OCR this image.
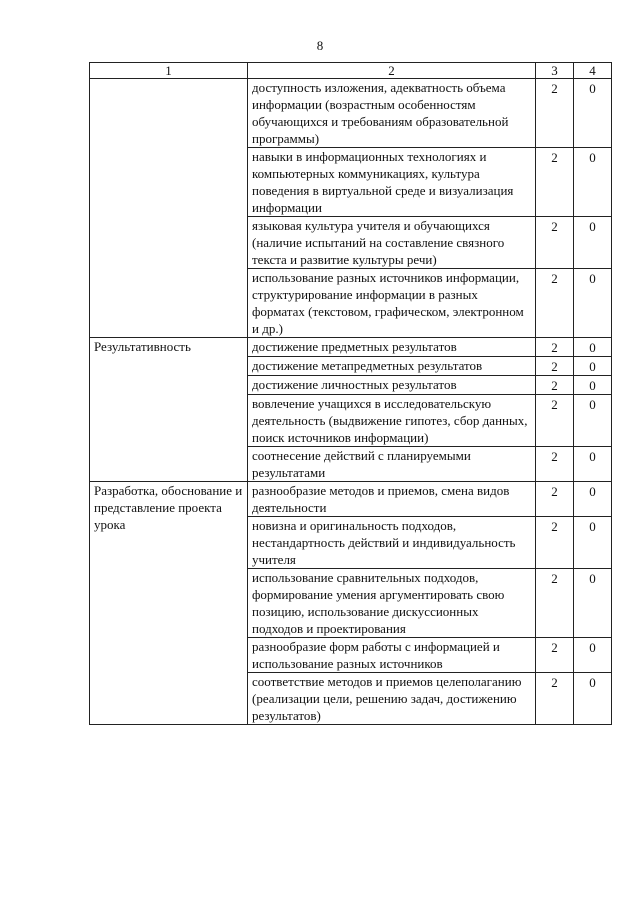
8
1	2	3	4
	доступность изложения, адекватность объема информации (возрастным особенностям обучающихся и требованиям образовательной программы)	2	0
	навыки в информационных технологиях и компьютерных коммуникациях, культура поведения в виртуальной среде и визуализация информации	2	0
	языковая культура учителя и обучающихся (наличие испытаний на составление связного текста и развитие культуры речи)	2	0
	использование разных источников информации, структурирование информации в разных форматах (текстовом, графическом, электронном и др.)	2	0
Результативность	достижение предметных результатов	2	0
	достижение метапредметных результатов	2	0
	достижение личностных результатов	2	0
	вовлечение учащихся в исследовательскую деятельность (выдвижение гипотез, сбор данных, поиск источников информации)	2	0
	соотнесение действий с планируемыми результатами	2	0
Разработка, обоснование и представление проекта урока	разнообразие методов и приемов, смена видов деятельности	2	0
	новизна и оригинальность подходов, нестандартность действий и индивидуальность учителя	2	0
	использование сравнительных подходов, формирование умения аргументировать свою позицию, использование дискуссионных подходов и проектирования	2	0
	разнообразие форм работы с информацией и использование разных источников	2	0
	соответствие методов и приемов целеполаганию (реализации цели, решению задач, достижению результатов)	2	0
